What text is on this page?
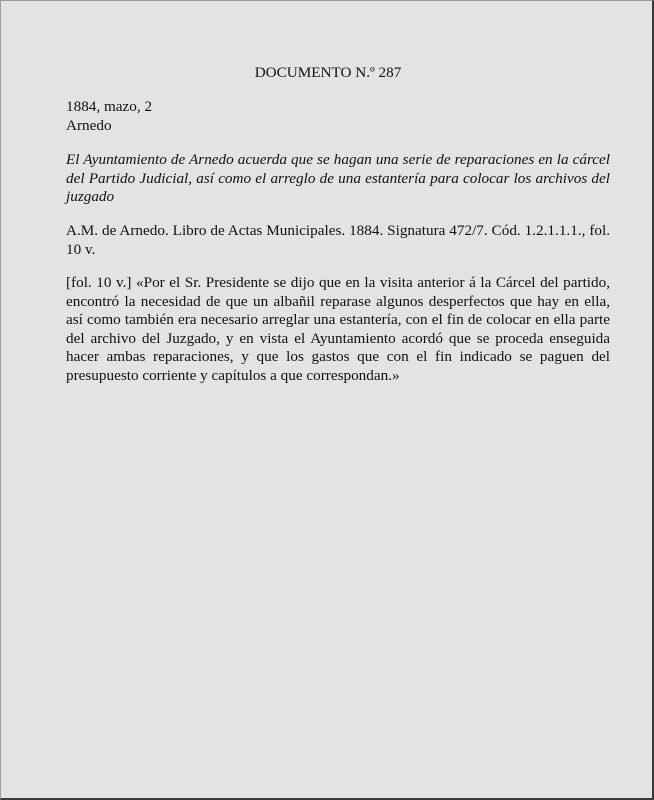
DOCUMENTO N.º 287
1884, mazo, 2
Arnedo
El Ayuntamiento de Arnedo acuerda que se hagan una serie de reparaciones en la cárcel del Partido Judicial, así como el arreglo de una estantería para colocar los archivos del juzgado
A.M. de Arnedo. Libro de Actas Municipales. 1884. Signatura 472/7. Cód. 1.2.1.1.1., fol. 10 v.
[fol. 10 v.] «Por el Sr. Presidente se dijo que en la visita anterior á la Cárcel del partido, encontró la necesidad de que un albañil reparase algunos desperfectos que hay en ella, así como también era necesario arreglar una estantería, con el fin de colocar en ella parte del archivo del Juzgado, y en vista el Ayuntamiento acordó que se proceda enseguida hacer ambas reparaciones, y que los gastos que con el fin indicado se paguen del presupuesto corriente y capítulos a que correspondan.»
